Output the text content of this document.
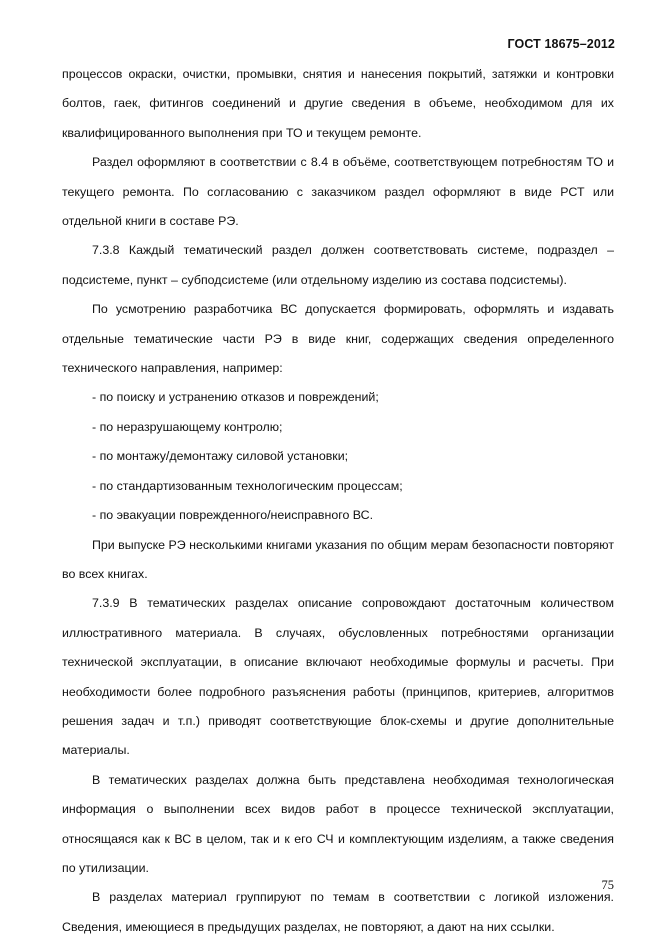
ГОСТ 18675–2012

процессов окраски, очистки, промывки, снятия и нанесения покрытий, затяжки и контровки болтов, гаек, фитингов соединений и другие сведения в объеме, необходимом для их квалифицированного выполнения при ТО и текущем ремонте.

Раздел оформляют в соответствии с 8.4 в объёме, соответствующем потребностям ТО и текущего ремонта. По согласованию с заказчиком раздел оформляют в виде РСТ или отдельной книги в составе РЭ.

7.3.8 Каждый тематический раздел должен соответствовать системе, подраздел – подсистеме, пункт – субподсистеме (или отдельному изделию из состава подсистемы).

По усмотрению разработчика ВС допускается формировать, оформлять и издавать отдельные тематические части РЭ в виде книг, содержащих сведения определенного технического направления, например:

- по поиску и устранению отказов и повреждений;

- по неразрушающему контролю;

- по монтажу/демонтажу силовой установки;

- по стандартизованным технологическим процессам;

- по эвакуации поврежденного/неисправного ВС.

При выпуске РЭ несколькими книгами указания по общим мерам безопасности повторяют во всех книгах.

7.3.9 В тематических разделах описание сопровождают достаточным количеством иллюстративного материала. В случаях, обусловленных потребностями организации технической эксплуатации, в описание включают необходимые формулы и расчеты. При необходимости более подробного разъяснения работы (принципов, критериев, алгоритмов решения задач и т.п.) приводят соответствующие блок-схемы и другие дополнительные материалы.

В тематических разделах должна быть представлена необходимая технологическая информация о выполнении всех видов работ в процессе технической эксплуатации, относящаяся как к ВС в целом, так и к его СЧ и комплектующим изделиям, а также сведения по утилизации.

В разделах материал группируют по темам в соответствии с логикой изложения. Сведения, имеющиеся в предыдущих разделах, не повторяют, а дают на них ссылки.

75
